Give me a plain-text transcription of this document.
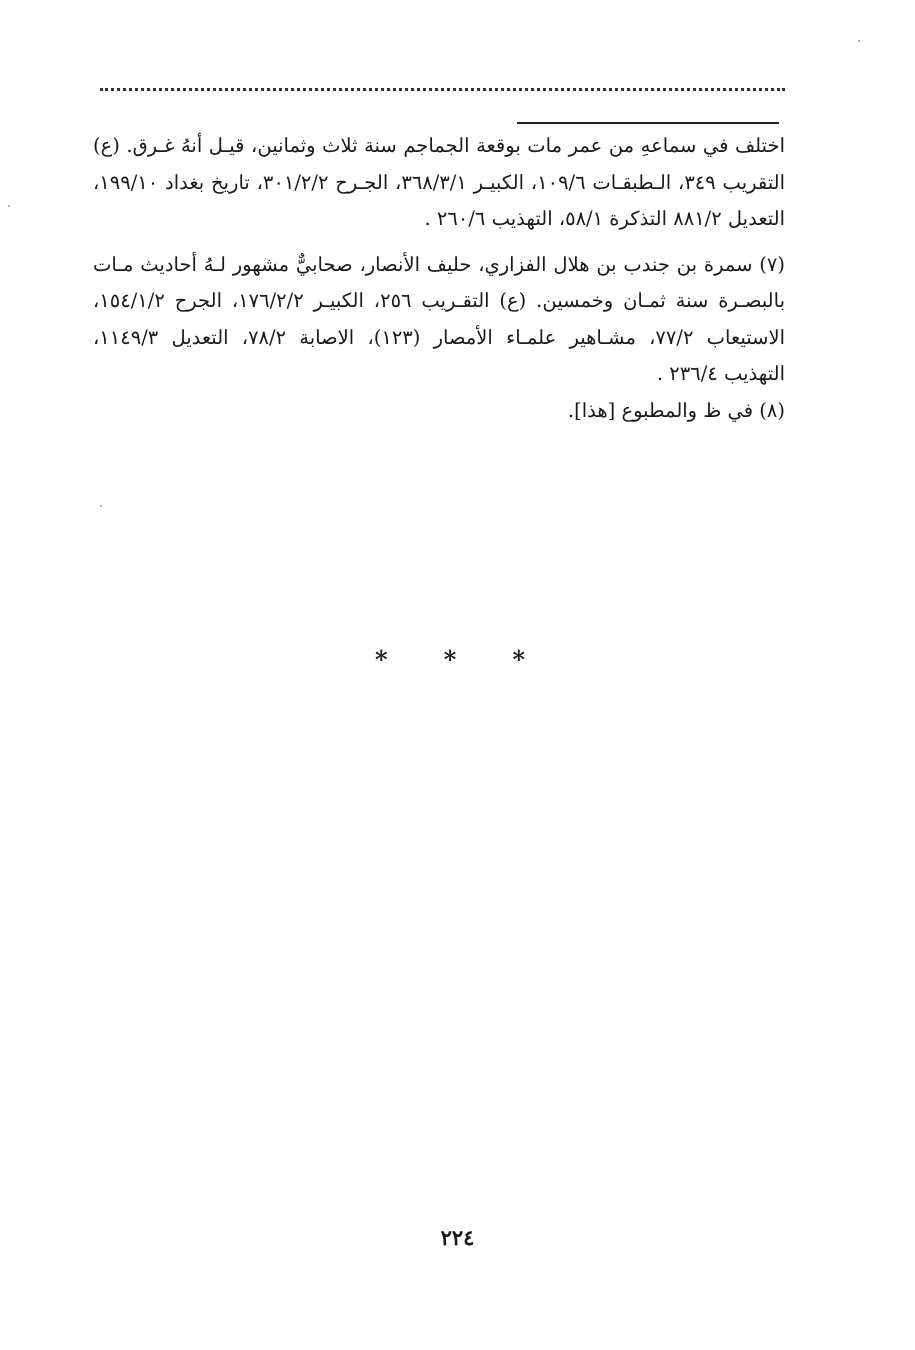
اختلف في سماعهِ من عمر مات بوقعة الجماجم سنة ثلاث وثمانين، قيـل أنهُ غـرق. (ع) التقريب ٣٤٩، الـطبقـات ١٠٩/٦، الكبيـر ٣٦٨/٣/١، الجـرح ٣٠١/٢/٢، تاريخ بغداد ١٩٩/١٠، التعديل ٨٨١/٢ التذكرة ٥٨/١، التهذيب ٢٦٠/٦ .

(٧) سمرة بن جندب بن هلال الفزاري، حليف الأنصار، صحابيٌّ مشهور لـهُ أحاديث مـات بالبصـرة سنة ثمـان وخمسين. (ع) التقـريب ٢٥٦، الكبيـر ١٧٦/٢/٢، الجرح ١٥٤/١/٢، الاستيعاب ٧٧/٢، مشـاهير علمـاء الأمصار (١٢٣)، الاصابة ٧٨/٢، التعديل ١١٤٩/٣، التهذيب ٢٣٦/٤ .

(٨) في ظ والمطبوع [هذا].

* * *
٢٢٤
